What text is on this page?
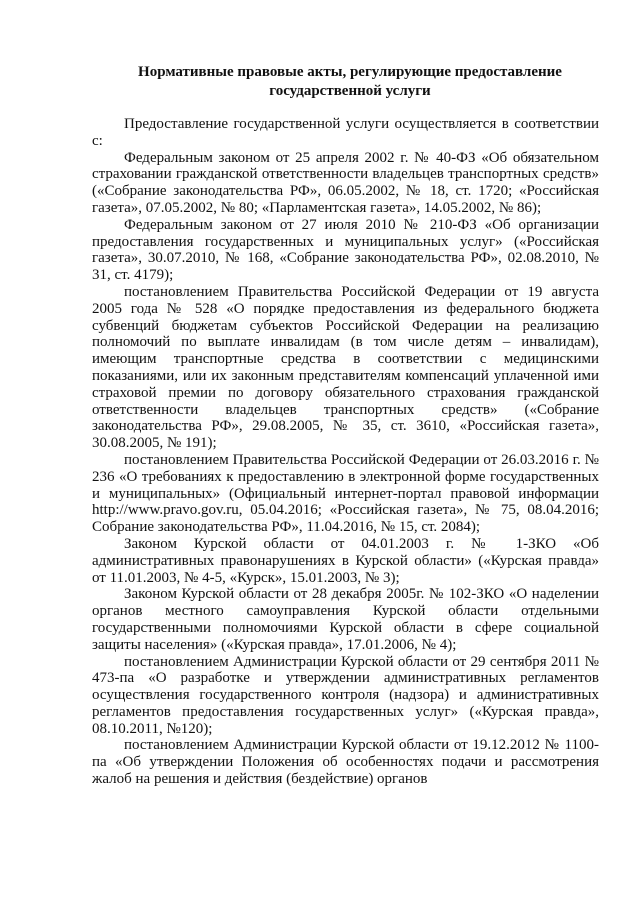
Нормативные правовые акты, регулирующие предоставление
государственной услуги

Предоставление государственной услуги осуществляется в соответствии с:

Федеральным законом от 25 апреля 2002 г. № 40-ФЗ «Об обязательном страховании гражданской ответственности владельцев транспортных средств» («Собрание законодательства РФ», 06.05.2002, № 18, ст. 1720; «Российская газета», 07.05.2002, № 80; «Парламентская газета», 14.05.2002, № 86);

Федеральным законом от 27 июля 2010 № 210-ФЗ «Об организации предоставления государственных и муниципальных услуг» («Российская газета», 30.07.2010, № 168, «Собрание законодательства РФ», 02.08.2010, № 31, ст. 4179);

постановлением Правительства Российской Федерации от 19 августа 2005 года № 528 «О порядке предоставления из федерального бюджета субвенций бюджетам субъектов Российской Федерации на реализацию полномочий по выплате инвалидам (в том числе детям – инвалидам), имеющим транспортные средства в соответствии с медицинскими показаниями, или их законным представителям компенсаций уплаченной ими страховой премии по договору обязательного страхования гражданской ответственности владельцев транспортных средств» («Собрание законодательства РФ», 29.08.2005, № 35, ст. 3610, «Российская газета», 30.08.2005, № 191);

постановлением Правительства Российской Федерации от 26.03.2016 г. № 236 «О требованиях к предоставлению в электронной форме государственных и муниципальных» (Официальный интернет-портал правовой информации http://www.pravo.gov.ru, 05.04.2016; «Российская газета», № 75, 08.04.2016; Собрание законодательства РФ», 11.04.2016, № 15, ст. 2084);

Законом Курской области от 04.01.2003 г. № 1-ЗКО «Об административных правонарушениях в Курской области» («Курская правда» от 11.01.2003, № 4-5, «Курск», 15.01.2003, № 3);

Законом Курской области от 28 декабря 2005г. № 102-ЗКО «О наделении органов местного самоуправления Курской области отдельными государственными полномочиями Курской области в сфере социальной защиты населения» («Курская правда», 17.01.2006, № 4);

постановлением Администрации Курской области от 29 сентября 2011 № 473-па «О разработке и утверждении административных регламентов осуществления государственного контроля (надзора) и административных регламентов предоставления государственных услуг» («Курская правда», 08.10.2011, №120);

постановлением Администрации Курской области от 19.12.2012 № 1100-па «Об утверждении Положения об особенностях подачи и рассмотрения жалоб на решения и действия (бездействие) органов
